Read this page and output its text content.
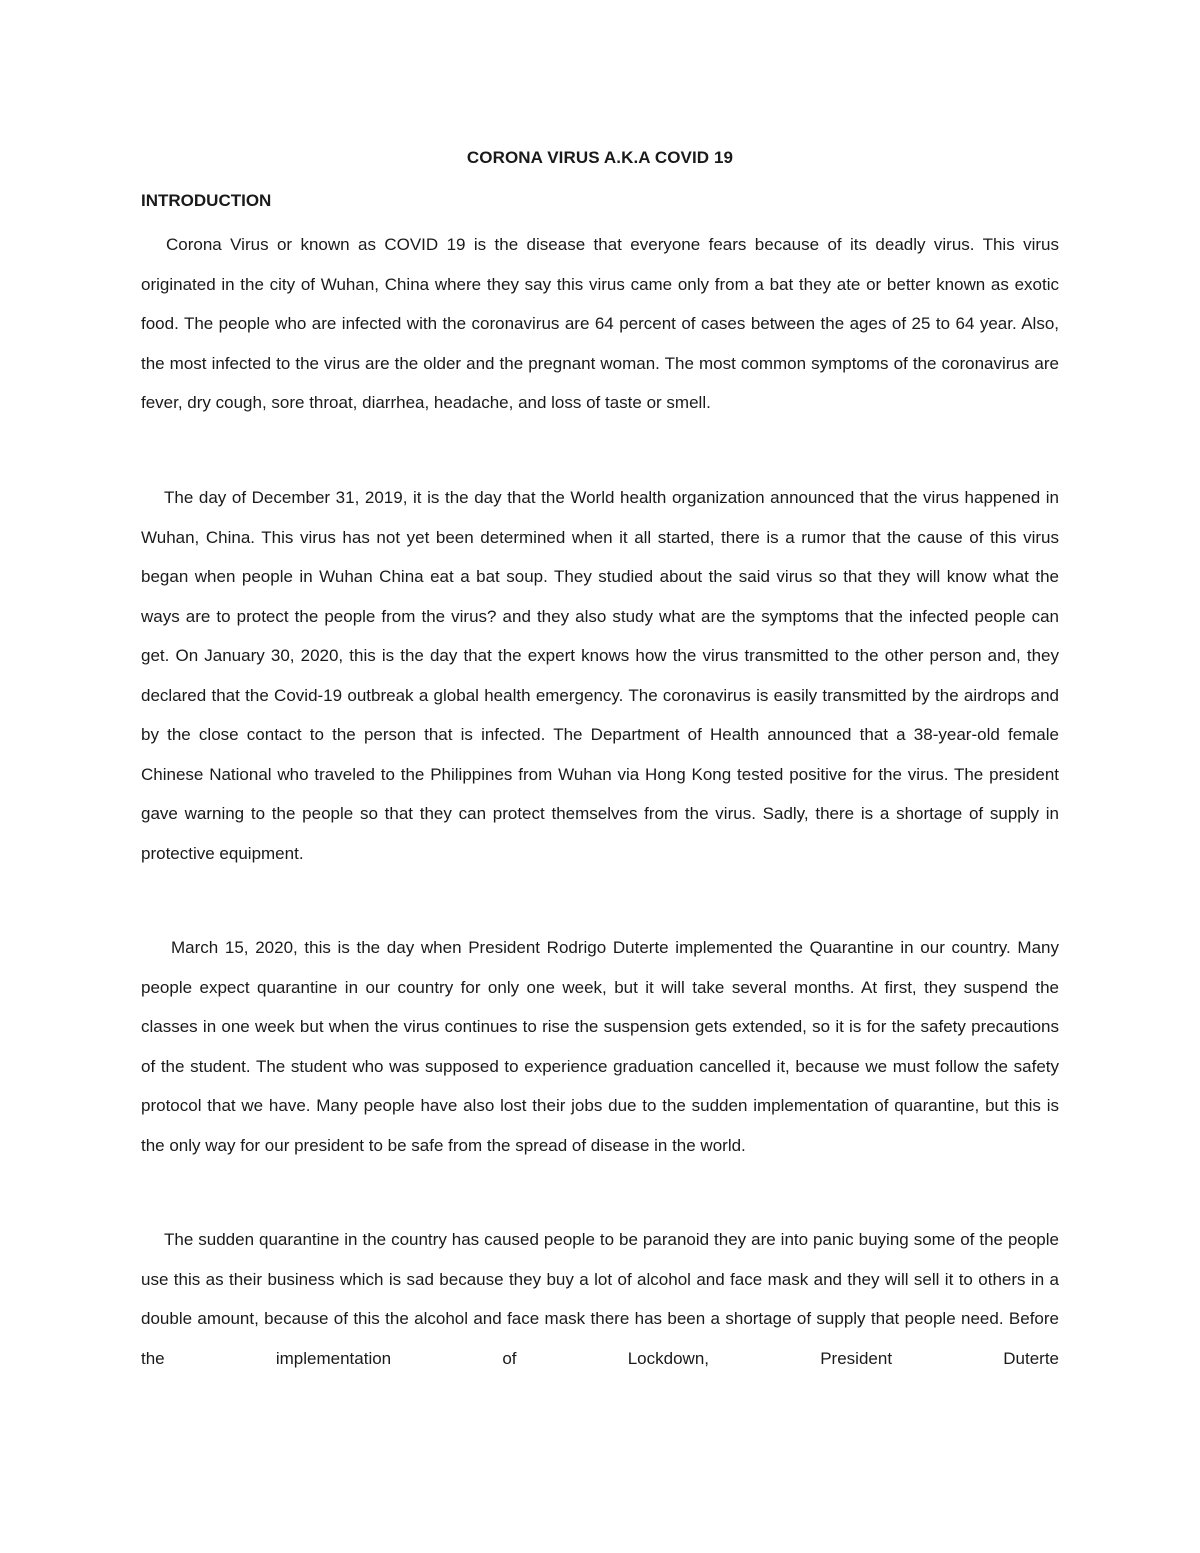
CORONA VIRUS A.K.A COVID 19
INTRODUCTION

Corona Virus or known as COVID 19 is the disease that everyone fears because of its deadly virus. This virus originated in the city of Wuhan, China where they say this virus came only from a bat they ate or better known as exotic food. The people who are infected with the coronavirus are 64 percent of cases between the ages of 25 to 64 year. Also, the most infected to the virus are the older and the pregnant woman. The most common symptoms of the coronavirus are fever, dry cough, sore throat, diarrhea, headache, and loss of taste or smell.

The day of December 31, 2019, it is the day that the World health organization announced that the virus happened in Wuhan, China. This virus has not yet been determined when it all started, there is a rumor that the cause of this virus began when people in Wuhan China eat a bat soup. They studied about the said virus so that they will know what the ways are to protect the people from the virus? and they also study what are the symptoms that the infected people can get. On January 30, 2020, this is the day that the expert knows how the virus transmitted to the other person and, they declared that the Covid-19 outbreak a global health emergency. The coronavirus is easily transmitted by the airdrops and by the close contact to the person that is infected. The Department of Health announced that a 38-year-old female Chinese National who traveled to the Philippines from Wuhan via Hong Kong tested positive for the virus. The president gave warning to the people so that they can protect themselves from the virus. Sadly, there is a shortage of supply in protective equipment.

March 15, 2020, this is the day when President Rodrigo Duterte implemented the Quarantine in our country. Many people expect quarantine in our country for only one week, but it will take several months. At first, they suspend the classes in one week but when the virus continues to rise the suspension gets extended, so it is for the safety precautions of the student. The student who was supposed to experience graduation cancelled it, because we must follow the safety protocol that we have. Many people have also lost their jobs due to the sudden implementation of quarantine, but this is the only way for our president to be safe from the spread of disease in the world.

The sudden quarantine in the country has caused people to be paranoid they are into panic buying some of the people use this as their business which is sad because they buy a lot of alcohol and face mask and they will sell it to others in a double amount, because of this the alcohol and face mask there has been a shortage of supply that people need. Before the implementation of Lockdown, President Duterte
